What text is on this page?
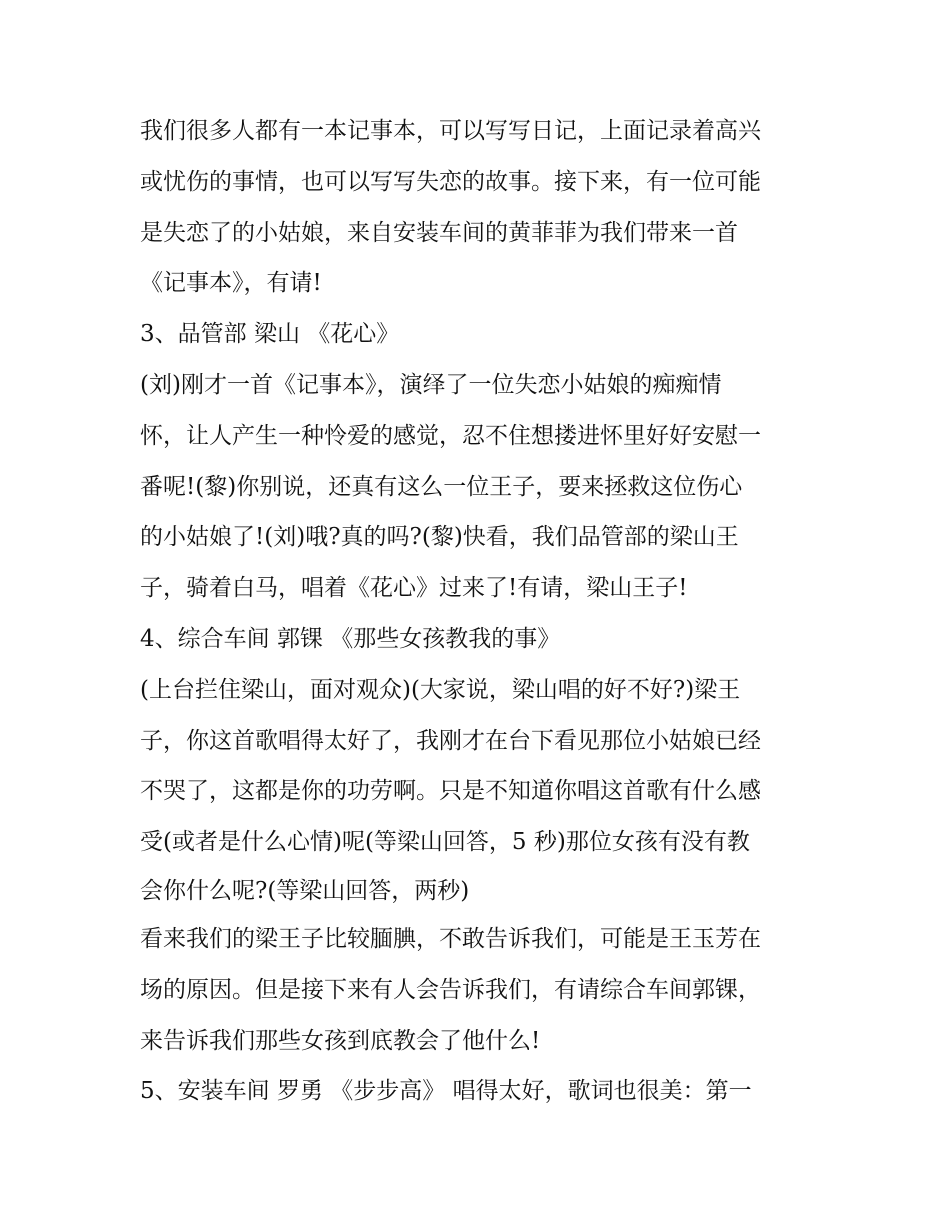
我们很多人都有一本记事本，可以写写日记，上面记录着高兴
或忧伤的事情，也可以写写失恋的故事。接下来，有一位可能
是失恋了的小姑娘，来自安装车间的黄菲菲为我们带来一首
《记事本》，有请!
3、品管部 梁山 《花心》
(刘)刚才一首《记事本》，演绎了一位失恋小姑娘的痴痴情
怀，让人产生一种怜爱的感觉，忍不住想搂进怀里好好安慰一
番呢!(黎)你别说，还真有这么一位王子，要来拯救这位伤心
的小姑娘了!(刘)哦?真的吗?(黎)快看，我们品管部的梁山王
子，骑着白马，唱着《花心》过来了!有请，梁山王子!
4、综合车间 郭锞 《那些女孩教我的事》
(上台拦住梁山，面对观众)(大家说，梁山唱的好不好?)梁王
子，你这首歌唱得太好了，我刚才在台下看见那位小姑娘已经
不哭了，这都是你的功劳啊。只是不知道你唱这首歌有什么感
受(或者是什么心情)呢(等梁山回答，5 秒)那位女孩有没有教
会你什么呢?(等梁山回答，两秒)
看来我们的梁王子比较腼腆，不敢告诉我们，可能是王玉芳在
场的原因。但是接下来有人会告诉我们，有请综合车间郭锞，
来告诉我们那些女孩到底教会了他什么!
5、安装车间 罗勇 《步步高》 唱得太好，歌词也很美：第一
